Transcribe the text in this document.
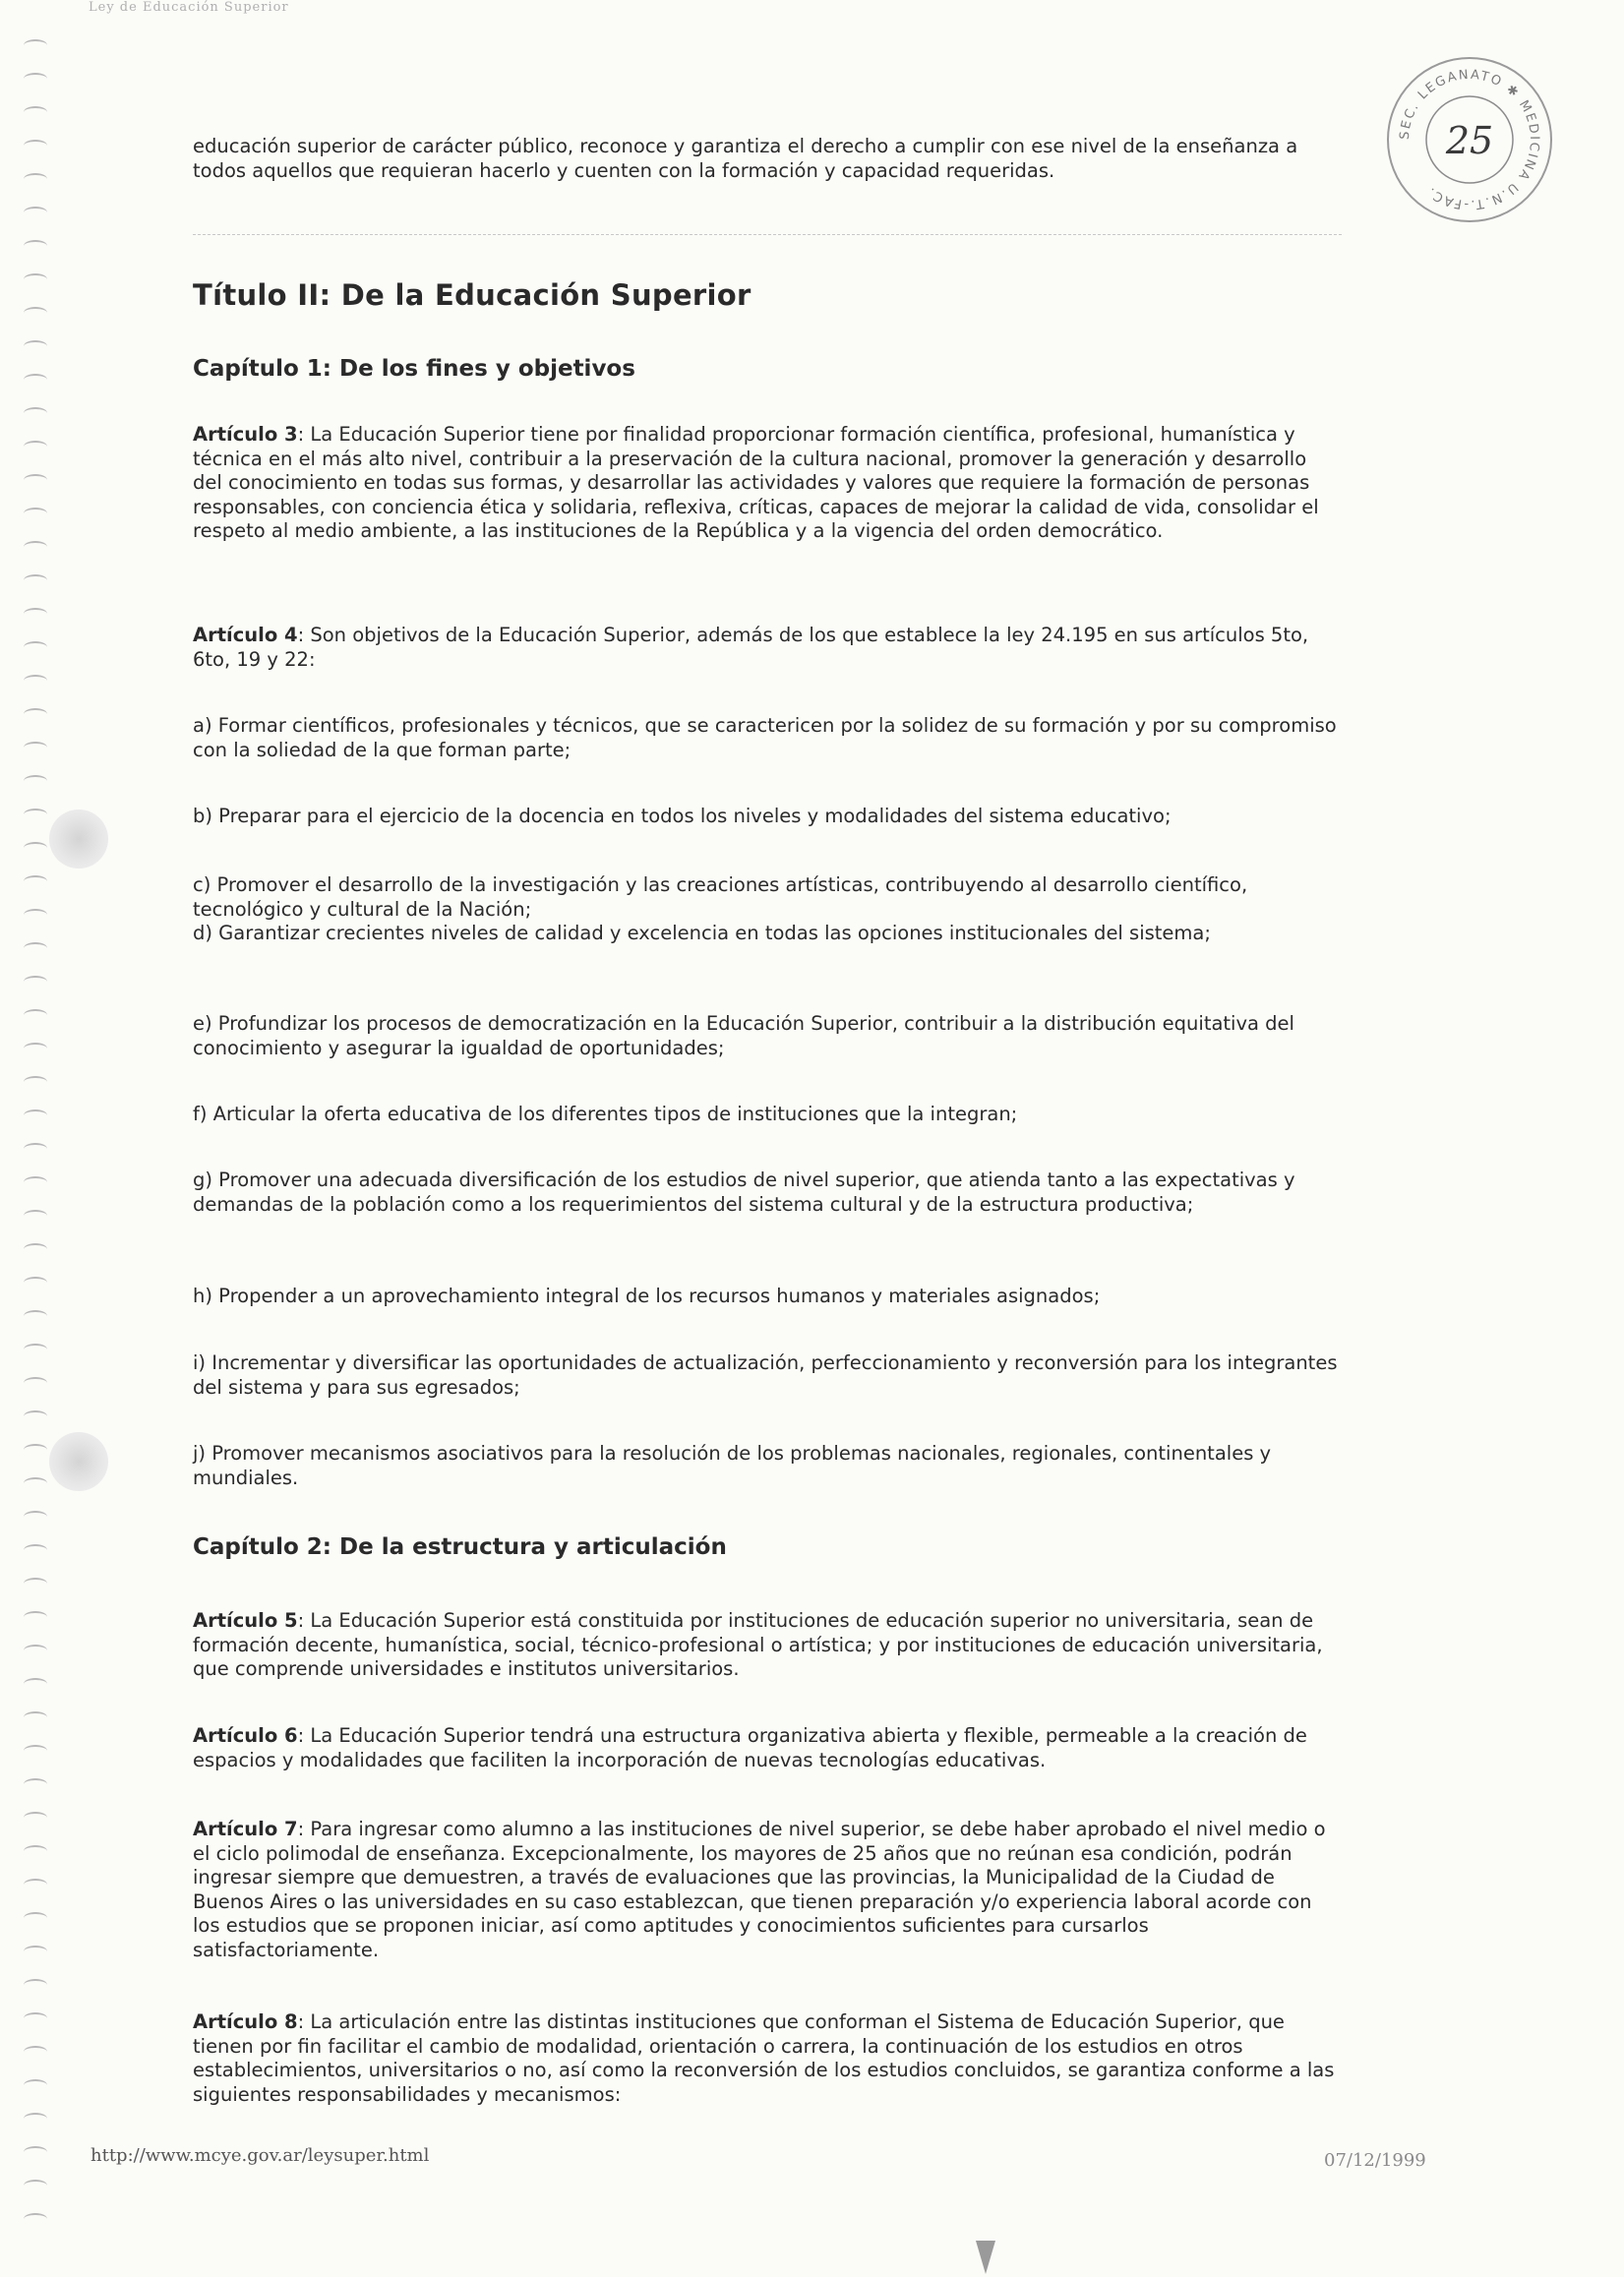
Ley de Educación Superior
SEC. LEGANATO ✱ MEDICINA U.N.T.-FAC.
25

educación superior de carácter público, reconoce y garantiza el derecho a cumplir con ese nivel de la enseñanza a todos aquellos que requieran hacerlo y cuenten con la formación y capacidad requeridas.

Título II: De la Educación Superior
Capítulo 1: De los fines y objetivos

Artículo 3: La Educación Superior tiene por finalidad proporcionar formación científica, profesional, humanística y técnica en el más alto nivel, contribuir a la preservación de la cultura nacional, promover la generación y desarrollo del conocimiento en todas sus formas, y desarrollar las actividades y valores que requiere la formación de personas responsables, con conciencia ética y solidaria, reflexiva, críticas, capaces de mejorar la calidad de vida, consolidar el respeto al medio ambiente, a las instituciones de la República y a la vigencia del orden democrático.

Artículo 4: Son objetivos de la Educación Superior, además de los que establece la ley 24.195 en sus artículos 5to, 6to, 19 y 22:

a) Formar científicos, profesionales y técnicos, que se caractericen por la solidez de su formación y por su compromiso con la soliedad de la que forman parte;

b) Preparar para el ejercicio de la docencia en todos los niveles y modalidades del sistema educativo;

c) Promover el desarrollo de la investigación y las creaciones artísticas, contribuyendo al desarrollo científico, tecnológico y cultural de la Nación;

d) Garantizar crecientes niveles de calidad y excelencia en todas las opciones institucionales del sistema;

e) Profundizar los procesos de democratización en la Educación Superior, contribuir a la distribución equitativa del conocimiento y asegurar la igualdad de oportunidades;

f) Articular la oferta educativa de los diferentes tipos de instituciones que la integran;

g) Promover una adecuada diversificación de los estudios de nivel superior, que atienda tanto a las expectativas y demandas de la población como a los requerimientos del sistema cultural y de la estructura productiva;

h) Propender a un aprovechamiento integral de los recursos humanos y materiales asignados;

i) Incrementar y diversificar las oportunidades de actualización, perfeccionamiento y reconversión para los integrantes del sistema y para sus egresados;

j) Promover mecanismos asociativos para la resolución de los problemas nacionales, regionales, continentales y mundiales.

Capítulo 2: De la estructura y articulación

Artículo 5: La Educación Superior está constituida por instituciones de educación superior no universitaria, sean de formación decente, humanística, social, técnico-profesional o artística; y por instituciones de educación universitaria, que comprende universidades e institutos universitarios.

Artículo 6: La Educación Superior tendrá una estructura organizativa abierta y flexible, permeable a la creación de espacios y modalidades que faciliten la incorporación de nuevas tecnologías educativas.

Artículo 7: Para ingresar como alumno a las instituciones de nivel superior, se debe haber aprobado el nivel medio o el ciclo polimodal de enseñanza. Excepcionalmente, los mayores de 25 años que no reúnan esa condición, podrán ingresar siempre que demuestren, a través de evaluaciones que las provincias, la Municipalidad de la Ciudad de Buenos Aires o las universidades en su caso establezcan, que tienen preparación y/o experiencia laboral acorde con los estudios que se proponen iniciar, así como aptitudes y conocimientos suficientes para cursarlos satisfactoriamente.

Artículo 8: La articulación entre las distintas instituciones que conforman el Sistema de Educación Superior, que tienen por fin facilitar el cambio de modalidad, orientación o carrera, la continuación de los estudios en otros establecimientos, universitarios o no, así como la reconversión de los estudios concluidos, se garantiza conforme a las siguientes responsabilidades y mecanismos:

http://www.mcye.gov.ar/leysuper.html	07/12/1999
